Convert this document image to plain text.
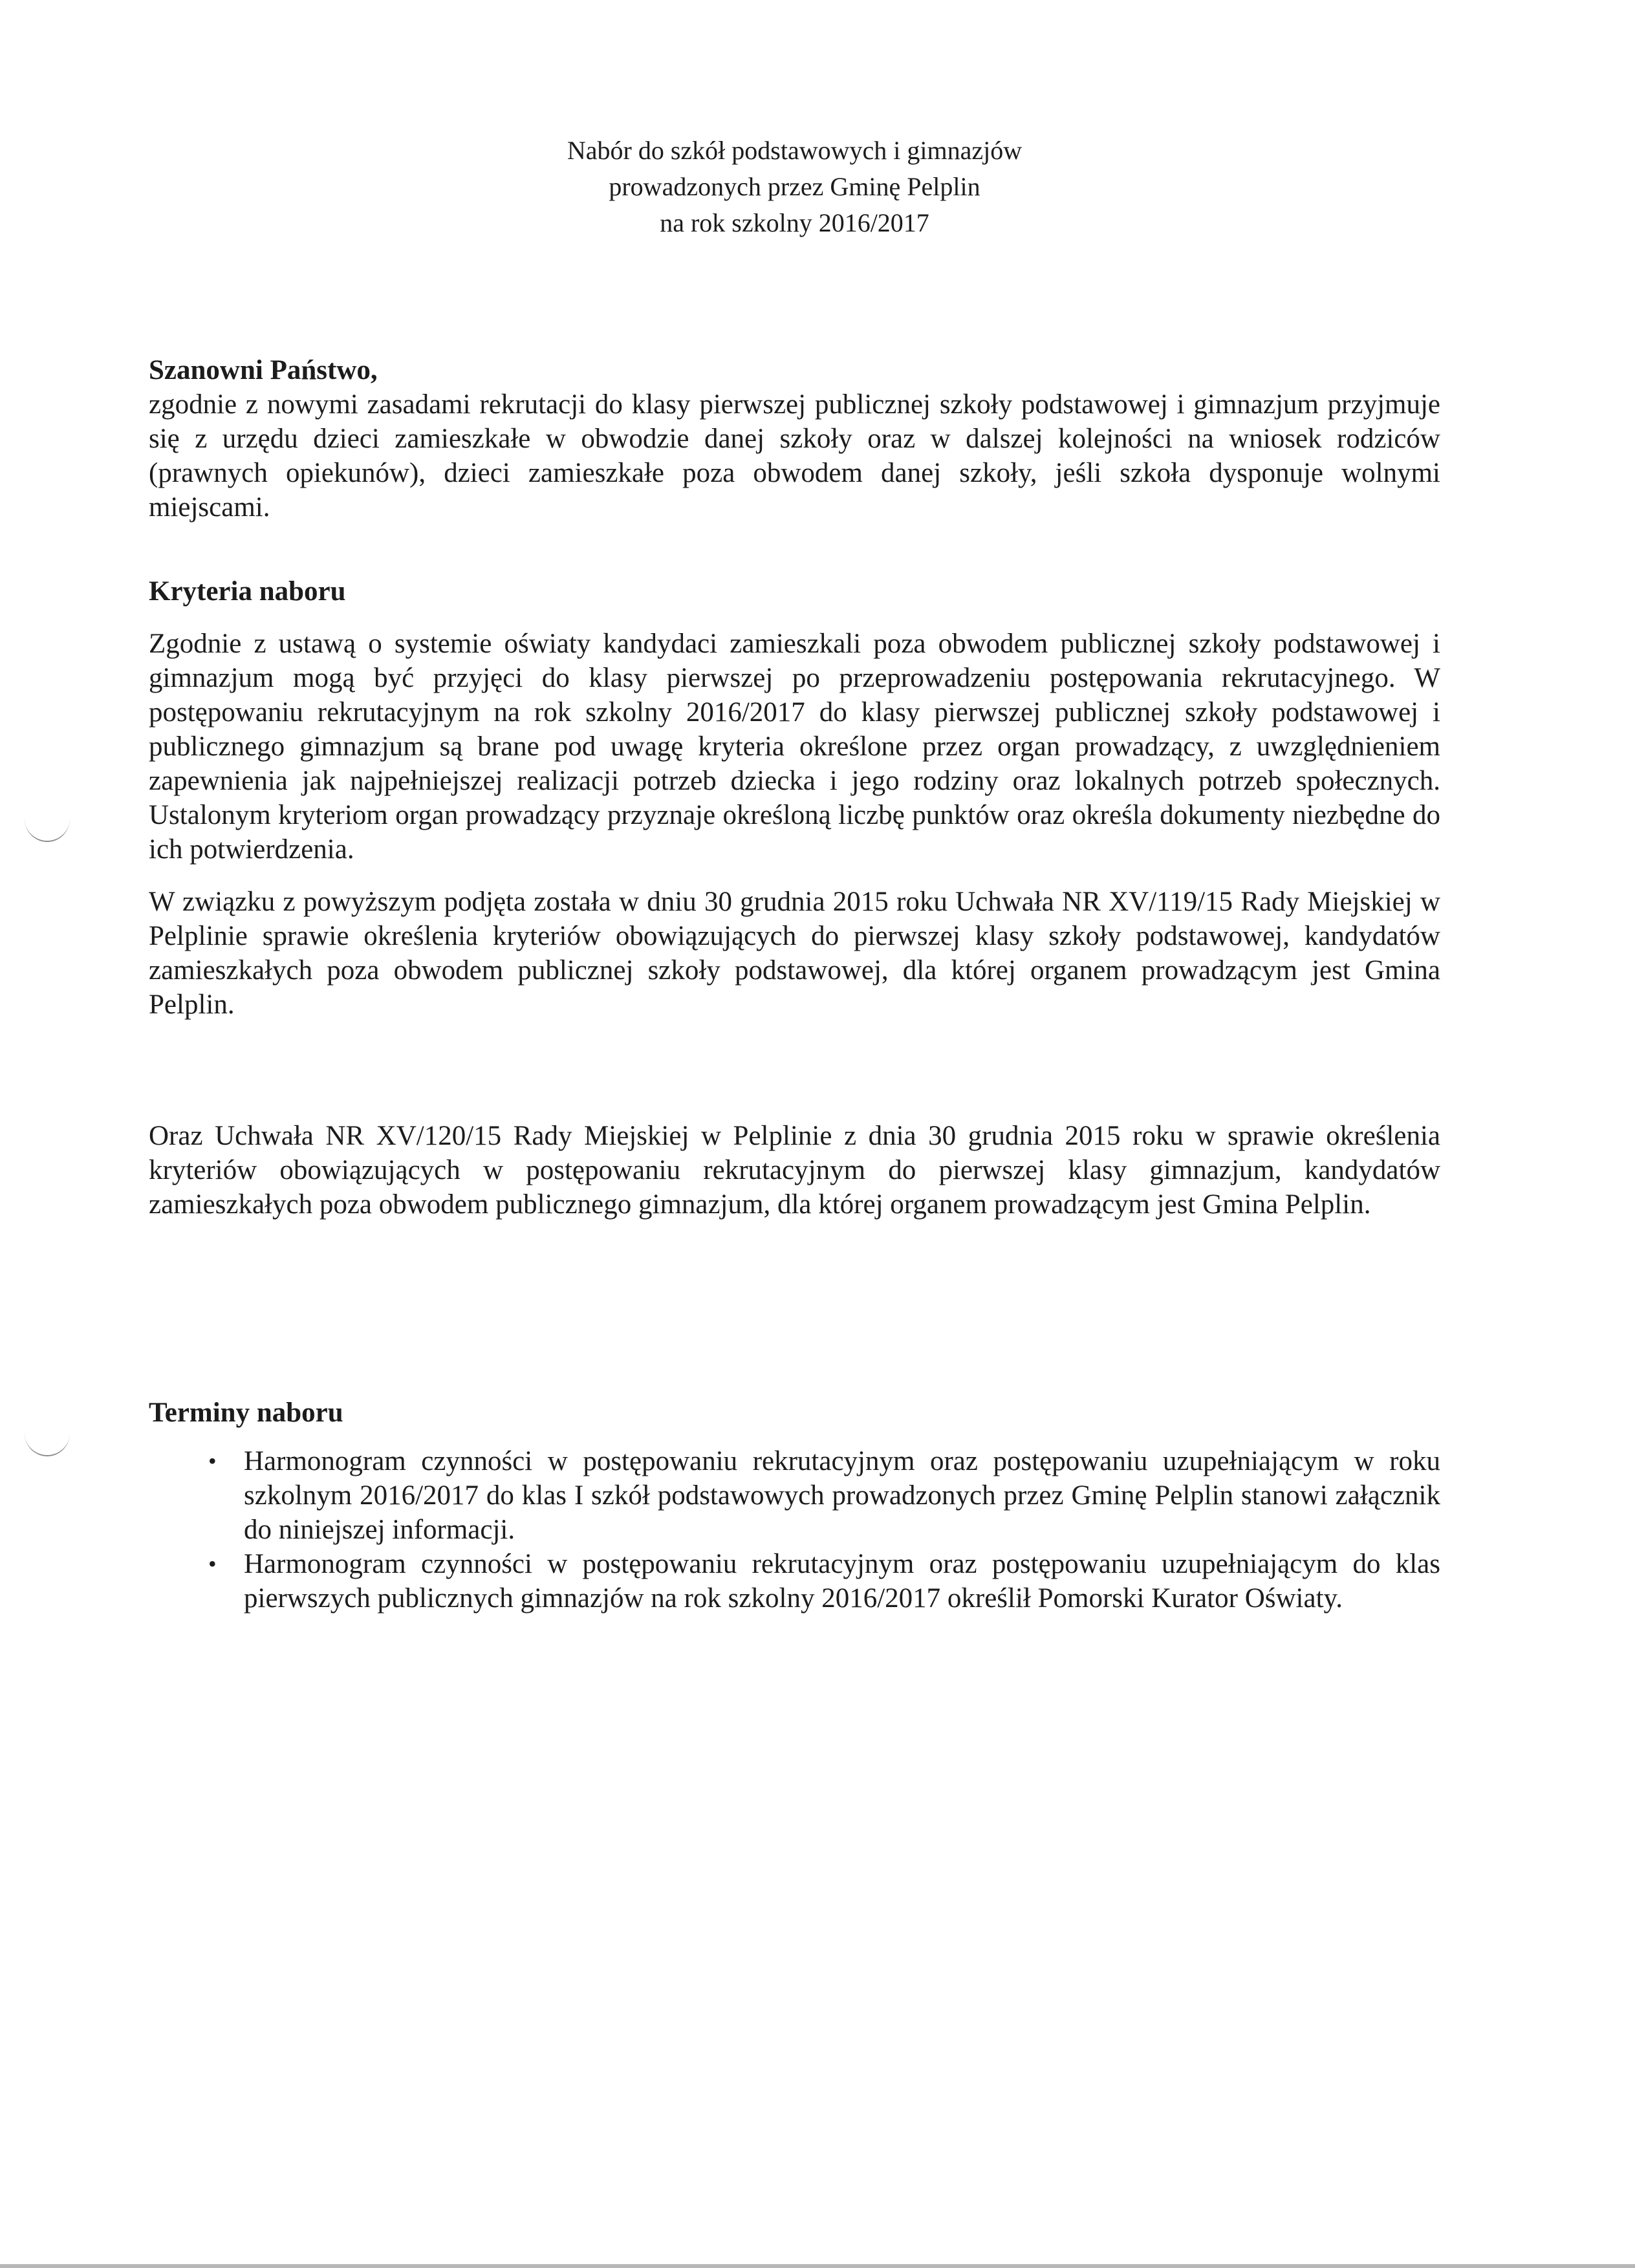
Nabór do szkół podstawowych i gimnazjów
prowadzonych przez Gminę Pelplin
na rok szkolny 2016/2017
Szanowni Państwo,

zgodnie z nowymi zasadami rekrutacji do klasy pierwszej publicznej szkoły podstawowej i gimnazjum przyjmuje się z urzędu dzieci zamieszkałe w obwodzie danej szkoły oraz w dalszej kolejności na wniosek rodziców (prawnych opiekunów), dzieci zamieszkałe poza obwodem danej szkoły, jeśli szkoła dysponuje wolnymi miejscami.

Kryteria naboru

Zgodnie z ustawą o systemie oświaty kandydaci zamieszkali poza obwodem publicznej szkoły podstawowej i gimnazjum mogą być przyjęci do klasy pierwszej po przeprowadzeniu postępowania rekrutacyjnego. W postępowaniu rekrutacyjnym na rok szkolny 2016/2017 do klasy pierwszej publicznej szkoły podstawowej i publicznego gimnazjum są brane pod uwagę kryteria określone przez organ prowadzący, z uwzględnieniem zapewnienia jak najpełniejszej realizacji potrzeb dziecka i jego rodziny oraz lokalnych potrzeb społecznych. Ustalonym kryteriom organ prowadzący przyznaje określoną liczbę punktów oraz określa dokumenty niezbędne do ich potwierdzenia.

W związku z powyższym podjęta została w dniu 30 grudnia 2015 roku Uchwała NR XV/119/15 Rady Miejskiej w Pelplinie sprawie określenia kryteriów obowiązujących do pierwszej klasy szkoły podstawowej, kandydatów zamieszkałych poza obwodem publicznej szkoły podstawowej, dla której organem prowadzącym jest Gmina Pelplin.

Oraz Uchwała NR XV/120/15 Rady Miejskiej w Pelplinie z dnia 30 grudnia 2015 roku w sprawie określenia kryteriów obowiązujących w postępowaniu rekrutacyjnym do pierwszej klasy gimnazjum, kandydatów zamieszkałych poza obwodem publicznego gimnazjum, dla której organem prowadzącym jest Gmina Pelplin.

Terminy naboru
• Harmonogram czynności w postępowaniu rekrutacyjnym oraz postępowaniu uzupełniającym w roku szkolnym 2016/2017 do klas I szkół podstawowych prowadzonych przez Gminę Pelplin stanowi załącznik do niniejszej informacji.
• Harmonogram czynności w postępowaniu rekrutacyjnym oraz postępowaniu uzupełniającym do klas pierwszych publicznych gimnazjów na rok szkolny 2016/2017 określił Pomorski Kurator Oświaty.
